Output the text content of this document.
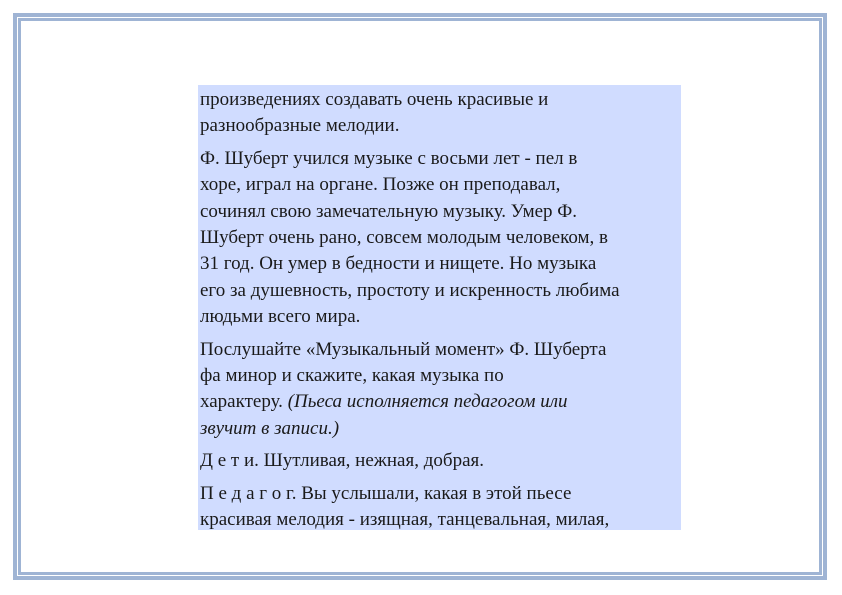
произведениях создавать очень красивые и
разнообразные мелодии.
Ф. Шуберт учился музыке с восьми лет - пел в
хоре, играл на органе. Позже он преподавал,
сочинял свою замечательную музыку. Умер Ф.
Шуберт очень рано, совсем молодым человеком, в
31 год. Он умер в бедности и нищете. Но музыка
его за душевность, простоту и искренность любима
людьми всего мира.
Послушайте «Музыкальный момент» Ф. Шуберта
фа минор и скажите, какая музыка по
характеру. (Пьеса исполняется педагогом или
звучит в записи.)
Д е т и. Шутливая, нежная, добрая.
П е д а г о г. Вы услышали, какая в этой пьесе
красивая мелодия - изящная, танцевальная, милая,
